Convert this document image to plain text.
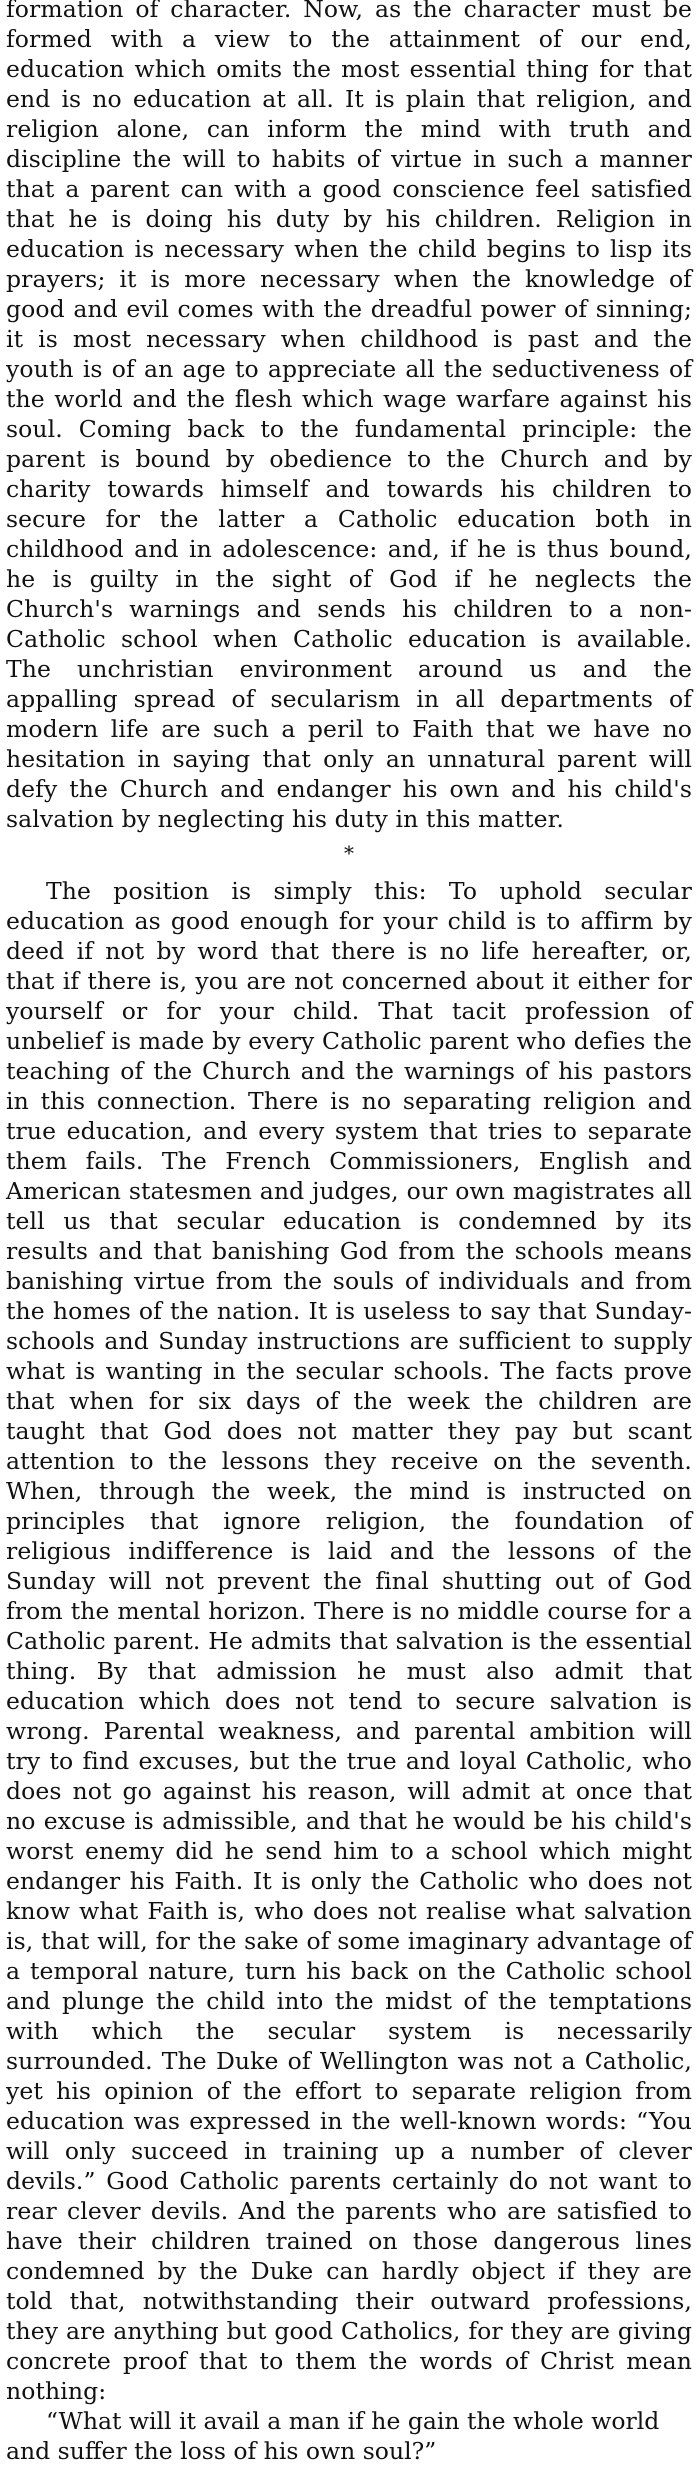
formation of character. Now, as the character must be formed with a view to the attainment of our end, education which omits the most essential thing for that end is no education at all. It is plain that religion, and religion alone, can inform the mind with truth and discipline the will to habits of virtue in such a manner that a parent can with a good conscience feel satisfied that he is doing his duty by his children. Religion in education is necessary when the child begins to lisp its prayers; it is more necessary when the knowledge of good and evil comes with the dreadful power of sinning; it is most necessary when childhood is past and the youth is of an age to appreciate all the seductiveness of the world and the flesh which wage warfare against his soul. Coming back to the fundamental principle: the parent is bound by obedience to the Church and by charity towards himself and towards his children to secure for the latter a Catholic education both in childhood and in adolescence: and, if he is thus bound, he is guilty in the sight of God if he neglects the Church's warnings and sends his children to a non-Catholic school when Catholic education is available. The unchristian environment around us and the appalling spread of secularism in all departments of modern life are such a peril to Faith that we have no hesitation in saying that only an unnatural parent will defy the Church and endanger his own and his child's salvation by neglecting his duty in this matter.

*

The position is simply this: To uphold secular education as good enough for your child is to affirm by deed if not by word that there is no life hereafter, or, that if there is, you are not concerned about it either for yourself or for your child. That tacit profession of unbelief is made by every Catholic parent who defies the teaching of the Church and the warnings of his pastors in this connection. There is no separating religion and true education, and every system that tries to separate them fails. The French Commissioners, English and American statesmen and judges, our own magistrates all tell us that secular education is condemned by its results and that banishing God from the schools means banishing virtue from the souls of individuals and from the homes of the nation. It is useless to say that Sunday-schools and Sunday instructions are sufficient to supply what is wanting in the secular schools. The facts prove that when for six days of the week the children are taught that God does not matter they pay but scant attention to the lessons they receive on the seventh. When, through the week, the mind is instructed on principles that ignore religion, the foundation of religious indifference is laid and the lessons of the Sunday will not prevent the final shutting out of God from the mental horizon. There is no middle course for a Catholic parent. He admits that salvation is the essential thing. By that admission he must also admit that education which does not tend to secure salvation is wrong. Parental weakness, and parental ambition will try to find excuses, but the true and loyal Catholic, who does not go against his reason, will admit at once that no excuse is admissible, and that he would be his child's worst enemy did he send him to a school which might endanger his Faith. It is only the Catholic who does not know what Faith is, who does not realise what salvation is, that will, for the sake of some imaginary advantage of a temporal nature, turn his back on the Catholic school and plunge the child into the midst of the temptations with which the secular system is necessarily surrounded. The Duke of Wellington was not a Catholic, yet his opinion of the effort to separate religion from education was expressed in the well-known words: “You will only succeed in training up a number of clever devils.” Good Catholic parents certainly do not want to rear clever devils. And the parents who are satisfied to have their children trained on those dangerous lines condemned by the Duke can hardly object if they are told that, notwithstanding their outward professions, they are anything but good Catholics, for they are giving concrete proof that to them the words of Christ mean nothing:

“What will it avail a man if he gain the whole world and suffer the loss of his own soul?”
